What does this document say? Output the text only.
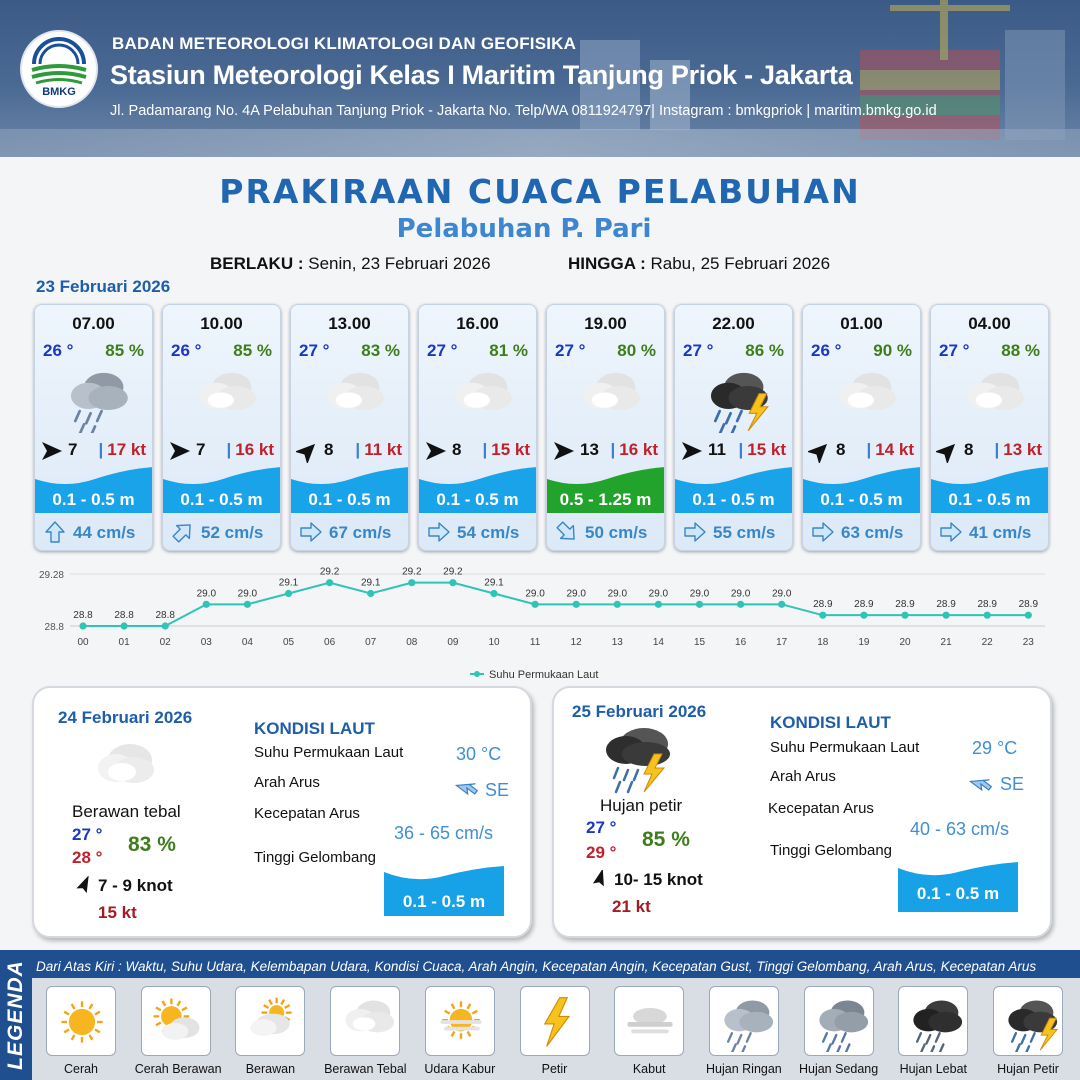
BMKG
BADAN METEOROLOGI KLIMATOLOGI DAN GEOFISIKA
Stasiun Meteorologi Kelas I Maritim Tanjung Priok - Jakarta
Jl. Padamarang No. 4A Pelabuhan Tanjung Priok - Jakarta No. Telp/WA 0811924797| Instagram : bmkgpriok | maritim.bmkg.go.id
PRAKIRAAN CUACA PELABUHAN
Pelabuhan P. Pari
BERLAKU : Senin, 23 Februari 2026	HINGGA : Rabu, 25 Februari 2026
23 Februari 2026
07.00
26 ° 85 %
7 | 17 kt
0.1 - 0.5 m
44 cm/s
10.00
26 ° 85 %
7 | 16 kt
0.1 - 0.5 m
52 cm/s
13.00
27 ° 83 %
8 | 11 kt
0.1 - 0.5 m
67 cm/s
16.00
27 ° 81 %
8 | 15 kt
0.1 - 0.5 m
54 cm/s
19.00
27 ° 80 %
13 | 16 kt
0.5 - 1.25 m
50 cm/s
22.00
27 ° 86 %
11 | 15 kt
0.1 - 0.5 m
55 cm/s
01.00
26 ° 90 %
8 | 14 kt
0.1 - 0.5 m
63 cm/s
04.00
27 ° 88 %
8 | 13 kt
0.1 - 0.5 m
41 cm/s
29.28
28.8
28.8
00
28.8
01
28.8
02
29.0
03
29.0
04
29.1
05
29.2
06
29.1
07
29.2
08
29.2
09
29.1
10
29.0
11
29.0
12
29.0
13
29.0
14
29.0
15
29.0
16
29.0
17
28.9
18
28.9
19
28.9
20
28.9
21
28.9
22
28.9
23
Suhu Permukaan Laut
24 Februari 2026
Berawan tebal
27 °
28 °
83 %
7 - 9 knot
15 kt
KONDISI LAUT
Suhu Permukaan Laut	30 °C
Arah Arus	SE
Kecepatan Arus
36 - 65 cm/s
Tinggi Gelombang
0.1 - 0.5 m
25 Februari 2026
Hujan petir
27 °
29 °
85 %
10- 15 knot
21 kt
KONDISI LAUT
Suhu Permukaan Laut	29 °C
Arah Arus	SE
Kecepatan Arus
40 - 63 cm/s
Tinggi Gelombang
0.1 - 0.5 m
LEGENDA Dari Atas Kiri : Waktu, Suhu Udara, Kelembapan Udara, Kondisi Cuaca, Arah Angin, Kecepatan Angin, Kecepatan Gust, Tinggi Gelombang, Arah Arus, Kecepatan Arus
Cerah	Cerah Berawan	Berawan	Berawan Tebal	Udara Kabur	Petir	Kabut	Hujan Ringan Hujan Sedang	Hujan Lebat	Hujan Petir
